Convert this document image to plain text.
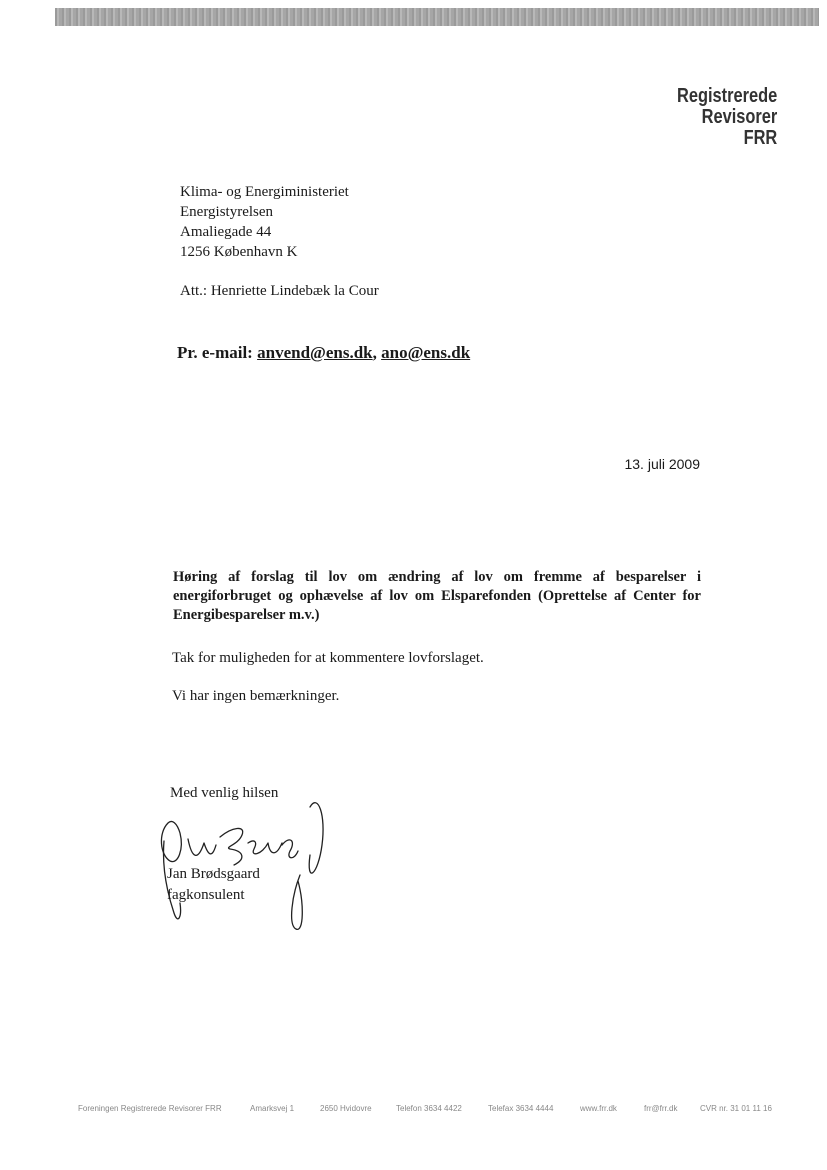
Registrerede
Revisorer
FRR
Klima- og Energiministeriet
Energistyrelsen
Amaliegade 44
1256 København K
Att.: Henriette Lindebæk la Cour
Pr. e-mail: anvend@ens.dk, ano@ens.dk
13. juli 2009
Høring af forslag til lov om ændring af lov om fremme af besparelser i energiforbruget og ophævelse af lov om Elsparefonden (Oprettelse af Center for Energibesparelser m.v.)
Tak for muligheden for at kommentere lovforslaget.
Vi har ingen bemærkninger.
Med venlig hilsen
Jan Brødsgaard
fagkonsulent
Foreningen Registrerede Revisorer FRR	Amarksvej 1	2650 Hvidovre	Telefon 3634 4422	Telefax 3634 4444	www.frr.dk	frr@frr.dk	CVR nr. 31 01 11 16
